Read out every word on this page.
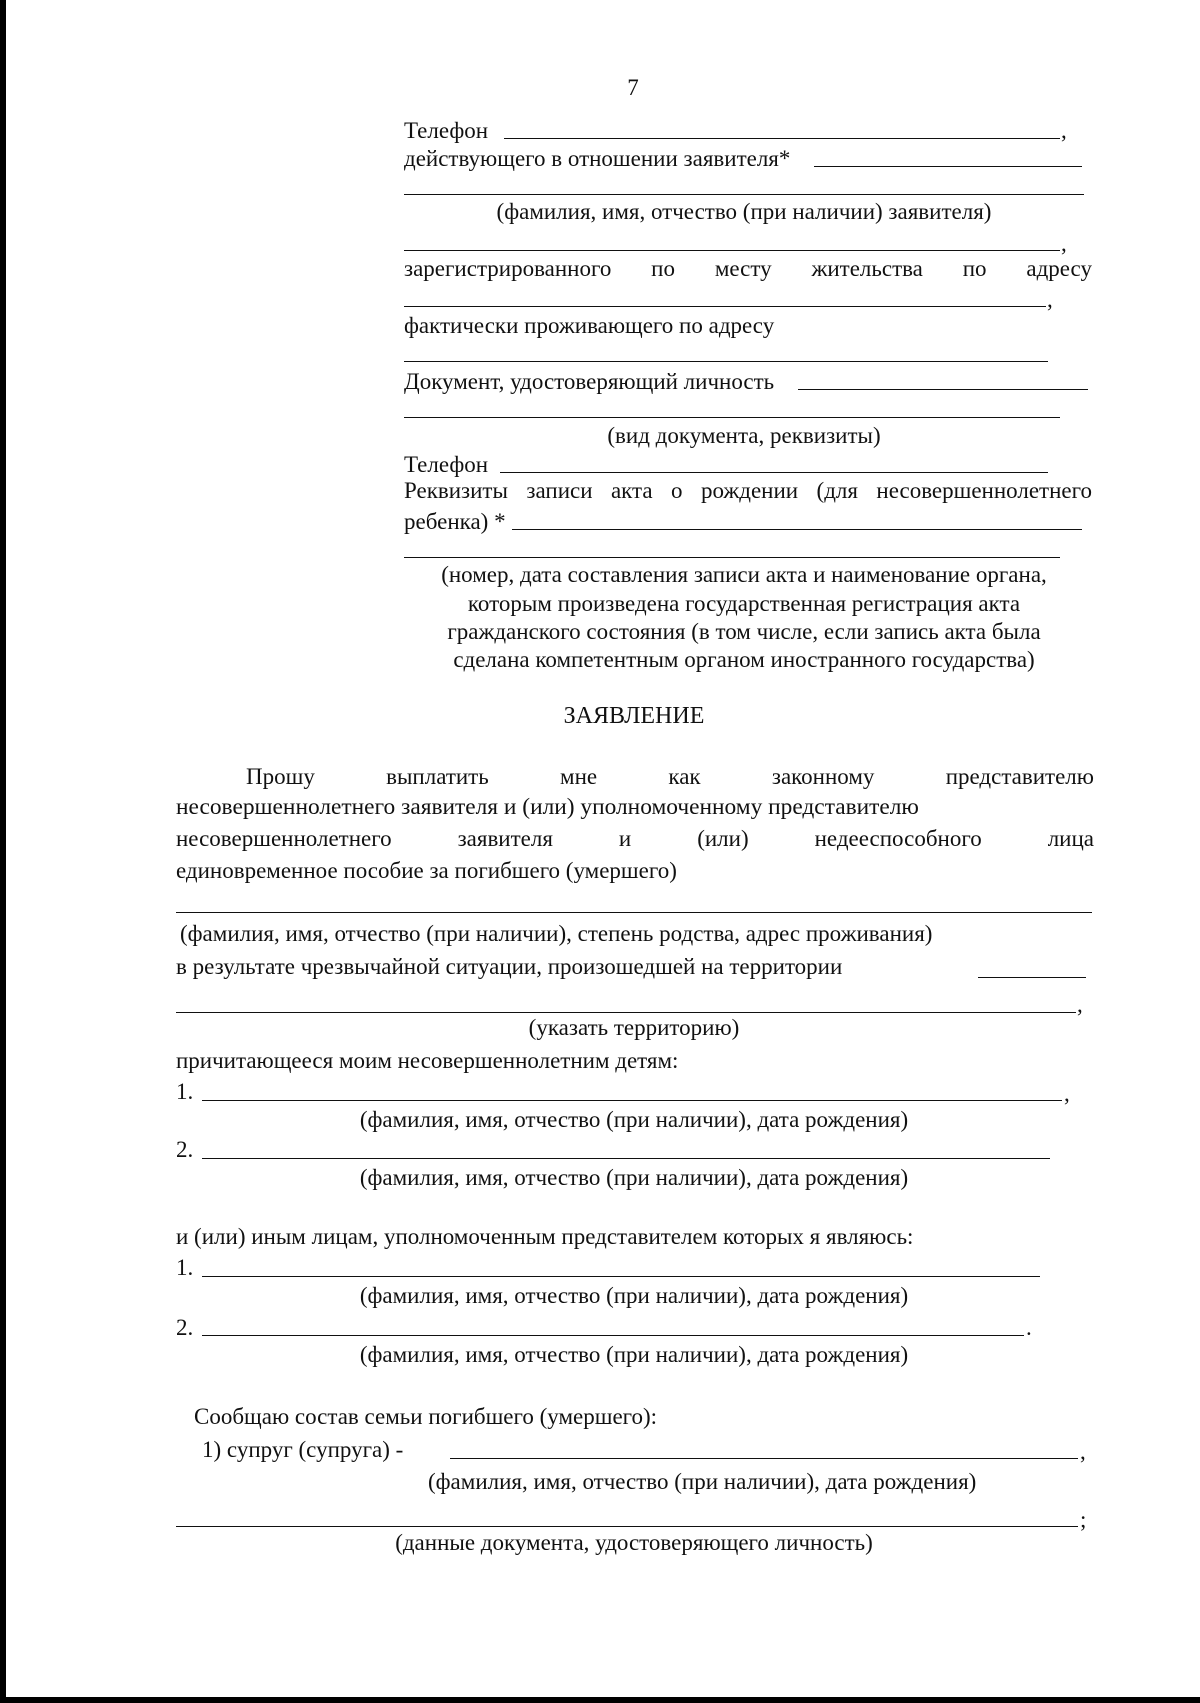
7
Телефон	,
действующего в отношении заявителя*
(фамилия, имя, отчество (при наличии) заявителя)
,
зарегистрированного по месту жительства по адресу
,
фактически проживающего по адресу
Документ, удостоверяющий личность
(вид документа, реквизиты)
Телефон
Реквизиты записи акта о рождении (для несовершеннолетнего
ребенка) *
(номер, дата составления записи акта и наименование органа,
которым произведена государственная регистрация акта
гражданского состояния (в том числе, если запись акта была
сделана компетентным органом иностранного государства)
ЗАЯВЛЕНИЕ
Прошу	выплатить	мне	как	законному	представителю
несовершеннолетнего заявителя и (или) уполномоченному представителю
несовершеннолетнего	заявителя	и	(или)	недееспособного	лица
единовременное пособие за погибшего (умершего)
(фамилия, имя, отчество (при наличии), степень родства, адрес проживания)
в результате чрезвычайной ситуации, произошедшей на территории
,
(указать территорию)
причитающееся моим несовершеннолетним детям:
1.	,
(фамилия, имя, отчество (при наличии), дата рождения)
2.
(фамилия, имя, отчество (при наличии), дата рождения)
и (или) иным лицам, уполномоченным представителем которых я являюсь:
1.
(фамилия, имя, отчество (при наличии), дата рождения)
2.	.
(фамилия, имя, отчество (при наличии), дата рождения)
Сообщаю состав семьи погибшего (умершего):
1) супруг (супруга) -	,
(фамилия, имя, отчество (при наличии), дата рождения)
;
(данные документа, удостоверяющего личность)
